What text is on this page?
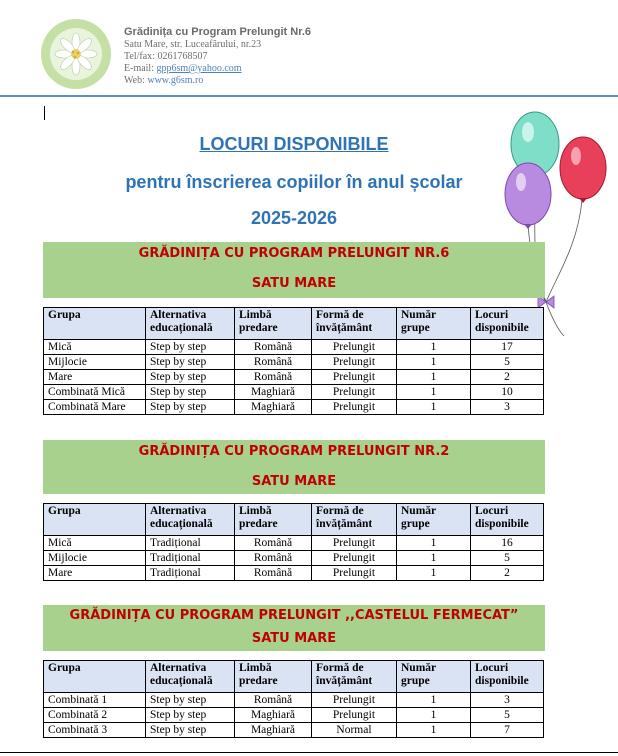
Grădinița cu Program Prelungit Nr.6
Satu Mare, str. Luceafărului, nr.23
Tel/fax: 0261768507
E-mail: gpp6sm@yahoo.com
Web: www.g6sm.ro
LOCURI DISPONIBILE
pentru înscrierea copiilor în anul școlar
2025-2026
GRĂDINIȚA CU PROGRAM PRELUNGIT NR.6
SATU MARE
Grupa	Alternativa educațională	Limbă predare	Formă de învățământ	Număr grupe	Locuri disponibile
Mică	Step by step	Română	Prelungit	1	17
Mijlocie	Step by step	Română	Prelungit	1	5
Mare	Step by step	Română	Prelungit	1	2
Combinată Mică	Step by step	Maghiară	Prelungit	1	10
Combinată Mare	Step by step	Maghiară	Prelungit	1	3
GRĂDINIȚA CU PROGRAM PRELUNGIT NR.2
SATU MARE
Grupa	Alternativa educațională	Limbă predare	Formă de învățământ	Număr grupe	Locuri disponibile
Mică	Tradițional	Română	Prelungit	1	16
Mijlocie	Tradițional	Română	Prelungit	1	5
Mare	Tradițional	Română	Prelungit	1	2
GRĂDINIȚA CU PROGRAM PRELUNGIT ,,CASTELUL FERMECAT”
SATU MARE
Grupa	Alternativa educațională	Limbă predare	Formă de învățământ	Număr grupe	Locuri disponibile
Combinată 1	Step by step	Română	Prelungit	1	3
Combinată 2	Step by step	Maghiară	Prelungit	1	5
Combinată 3	Step by step	Maghiară	Normal	1	7
